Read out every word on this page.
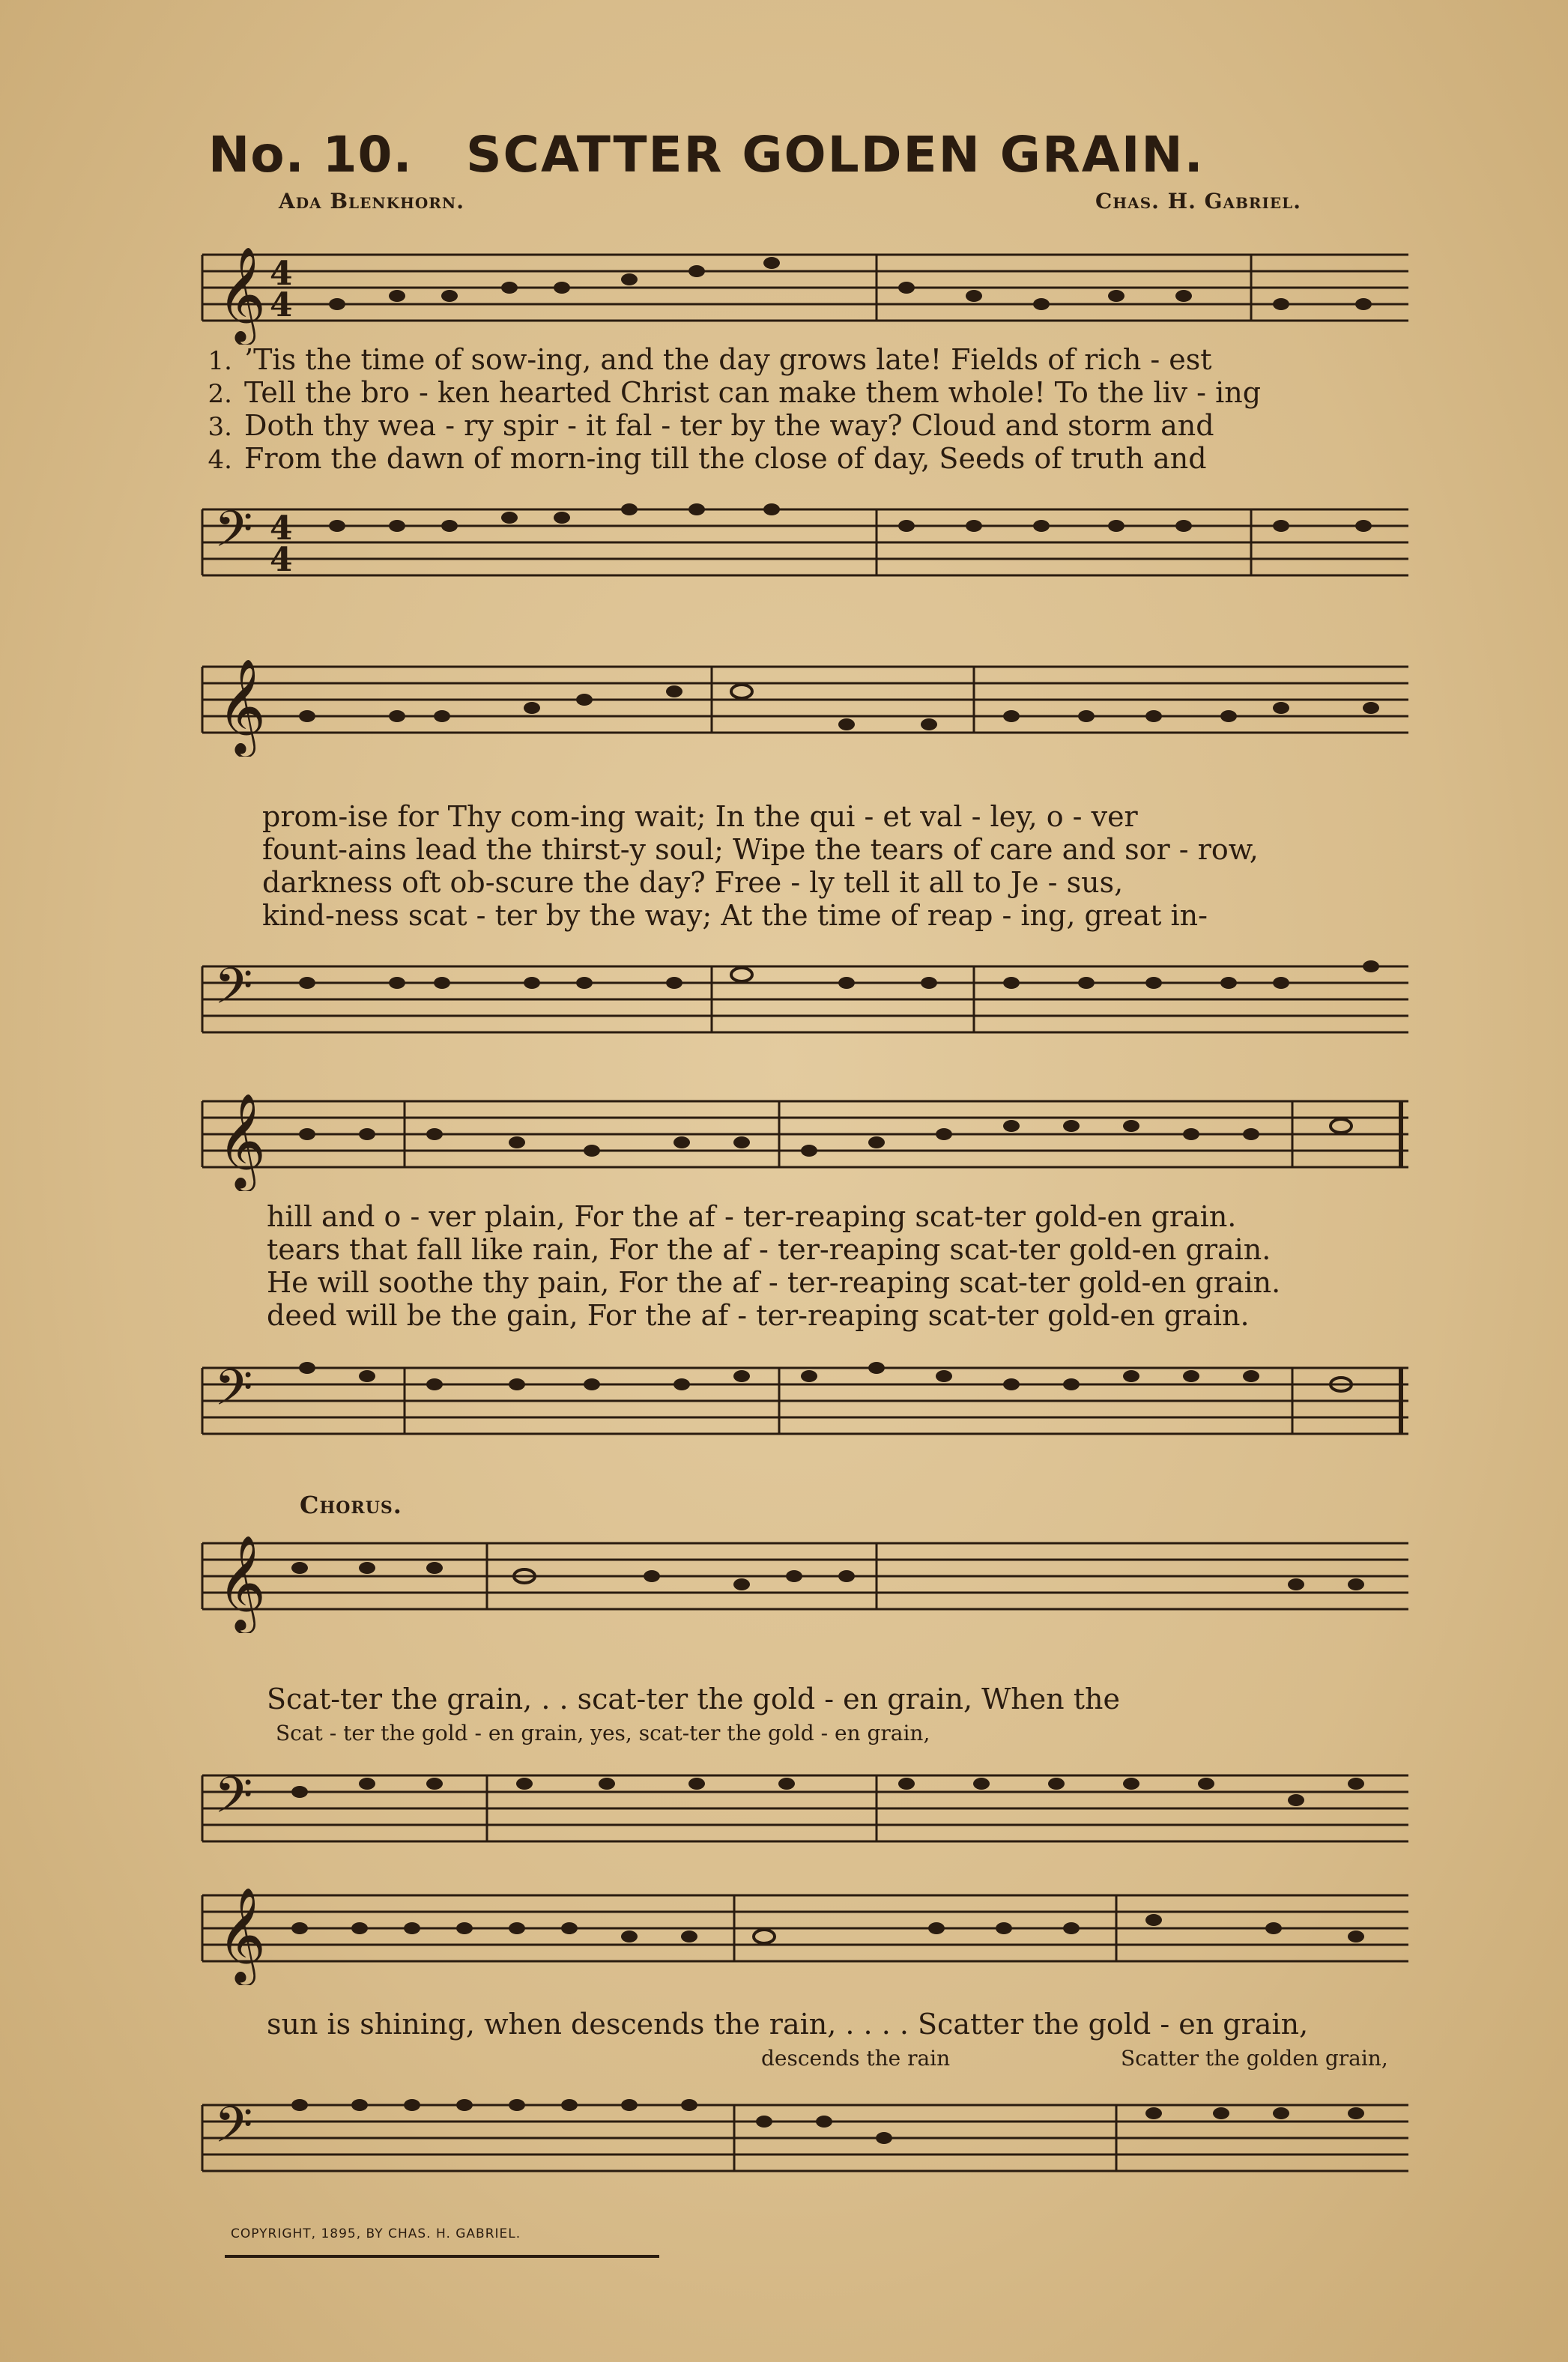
No. 10. SCATTER GOLDEN GRAIN.
Ada Blenkhorn.	Chas. H. Gabriel.
𝄞 4
4
1. ’Tis the time of sow-ing, and the day grows late! Fields of rich - est
2. Tell the bro - ken hearted Christ can make them whole! To the liv - ing
3. Doth thy wea - ry spir - it fal - ter by the way? Cloud and storm and
4. From the dawn of morn-ing till the close of day, Seeds of truth and
𝄢 4
4
𝄞
prom-ise for Thy com-ing wait; In the qui - et val - ley, o - ver
fount-ains lead the thirst-y soul; Wipe the tears of care and sor - row,
darkness oft ob-scure the day? Free - ly tell it all to Je - sus,
kind-ness scat - ter by the way; At the time of reap - ing, great in-
𝄢
𝄞
hill and o - ver plain, For the af - ter-reaping scat-ter gold-en grain.
tears that fall like rain, For the af - ter-reaping scat-ter gold-en grain.
He will soothe thy pain, For the af - ter-reaping scat-ter gold-en grain.
deed will be the gain, For the af - ter-reaping scat-ter gold-en grain.
𝄢
Chorus.
𝄞
Scat-ter the grain, . . scat-ter the gold - en grain, When the
Scat - ter the gold - en grain, yes, scat-ter the gold - en grain,
𝄢
𝄞
sun is shining, when descends the rain, . . . . Scatter the gold - en grain,
descends the rain	Scatter the golden grain,
𝄢
COPYRIGHT, 1895, BY CHAS. H. GABRIEL.
